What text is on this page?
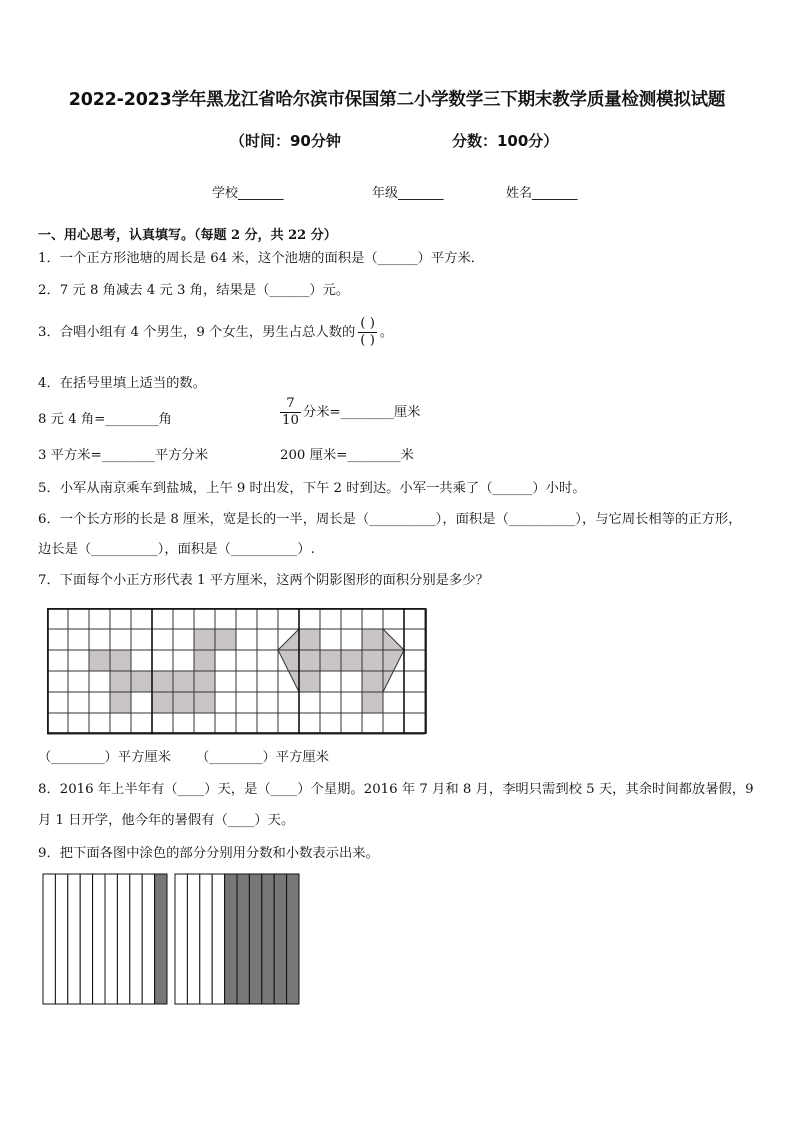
2022-2023学年黑龙江省哈尔滨市保国第二小学数学三下期末教学质量检测模拟试题
（时间：90分钟	分数：100分）
学校_______	年级_______	姓名_______
一、用心思考，认真填写。（每题 2 分，共 22 分）
1．一个正方形池塘的周长是 64 米，这个池塘的面积是（______）平方米．
2．7 元 8 角减去 4 元 3 角，结果是（______）元。
3．合唱小组有 4 个男生，9 个女生，男生占总人数的 $\frac{( )}{( )}$ 。
4．在括号里填上适当的数。
8 元 4 角=________角	$\frac{7}{10}$ 分米=________厘米
3 平方米=________平方分米	200 厘米=________米
5．小军从南京乘车到盐城，上午 9 时出发，下午 2 时到达。小军一共乘了（______）小时。
6．一个长方形的长是 8 厘米，宽是长的一半，周长是（__________），面积是（__________），与它周长相等的正方形，
边长是（__________），面积是（__________）.
7．下面每个小正方形代表 1 平方厘米，这两个阴影图形的面积分别是多少？
（________）平方厘米 （________）平方厘米
8．2016 年上半年有（____）天，是（____）个星期。2016 年 7 月和 8 月，李明只需到校 5 天，其余时间都放暑假，9
月 1 日开学，他今年的暑假有（____）天。
9．把下面各图中涂色的部分分别用分数和小数表示出来。
